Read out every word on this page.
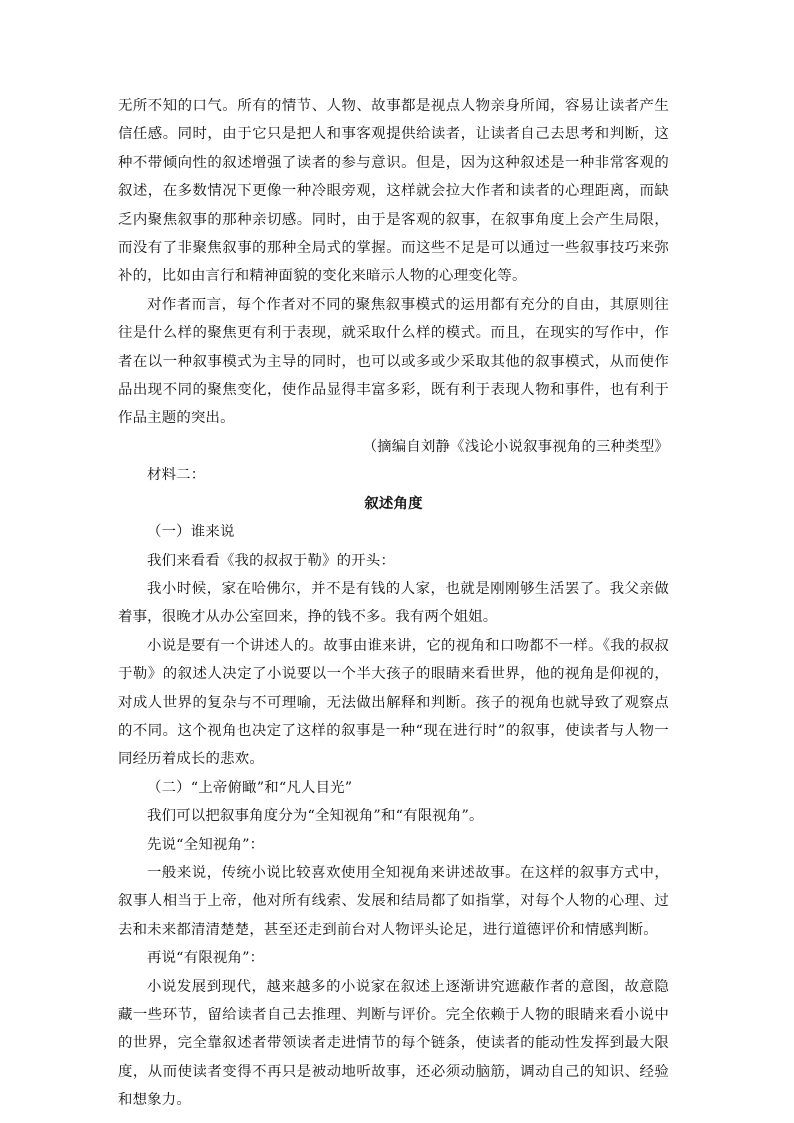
无所不知的口气。所有的情节、人物、故事都是视点人物亲身所闻，容易让读者产生信任感。同时，由于它只是把人和事客观提供给读者，让读者自己去思考和判断，这种不带倾向性的叙述增强了读者的参与意识。但是，因为这种叙述是一种非常客观的叙述，在多数情况下更像一种冷眼旁观，这样就会拉大作者和读者的心理距离，而缺乏内聚焦叙事的那种亲切感。同时，由于是客观的叙事，在叙事角度上会产生局限，而没有了非聚焦叙事的那种全局式的掌握。而这些不足是可以通过一些叙事技巧来弥补的，比如由言行和精神面貌的变化来暗示人物的心理变化等。

对作者而言，每个作者对不同的聚焦叙事模式的运用都有充分的自由，其原则往往是什么样的聚焦更有利于表现，就采取什么样的模式。而且，在现实的写作中，作者在以一种叙事模式为主导的同时，也可以或多或少采取其他的叙事模式，从而使作品出现不同的聚焦变化，使作品显得丰富多彩，既有利于表现人物和事件，也有利于作品主题的突出。

（摘编自刘静《浅论小说叙事视角的三种类型》

材料二：

叙述角度

（一）谁来说

我们来看看《我的叔叔于勒》的开头：

我小时候，家在哈佛尔，并不是有钱的人家，也就是刚刚够生活罢了。我父亲做着事，很晚才从办公室回来，挣的钱不多。我有两个姐姐。

小说是要有一个讲述人的。故事由谁来讲，它的视角和口吻都不一样。《我的叔叔于勒》的叙述人决定了小说要以一个半大孩子的眼睛来看世界，他的视角是仰视的，对成人世界的复杂与不可理喻，无法做出解释和判断。孩子的视角也就导致了观察点的不同。这个视角也决定了这样的叙事是一种“现在进行时”的叙事，使读者与人物一同经历着成长的悲欢。

（二）“上帝俯瞰”和“凡人目光”

我们可以把叙事角度分为“全知视角”和“有限视角”。

先说“全知视角”：

一般来说，传统小说比较喜欢使用全知视角来讲述故事。在这样的叙事方式中，叙事人相当于上帝，他对所有线索、发展和结局都了如指掌，对每个人物的心理、过去和未来都清清楚楚，甚至还走到前台对人物评头论足，进行道德评价和情感判断。

再说“有限视角”：

小说发展到现代，越来越多的小说家在叙述上逐渐讲究遮蔽作者的意图，故意隐藏一些环节，留给读者自己去推理、判断与评价。完全依赖于人物的眼睛来看小说中的世界，完全靠叙述者带领读者走进情节的每个链条，使读者的能动性发挥到最大限度，从而使读者变得不再只是被动地听故事，还必须动脑筋，调动自己的知识、经验和想象力。
